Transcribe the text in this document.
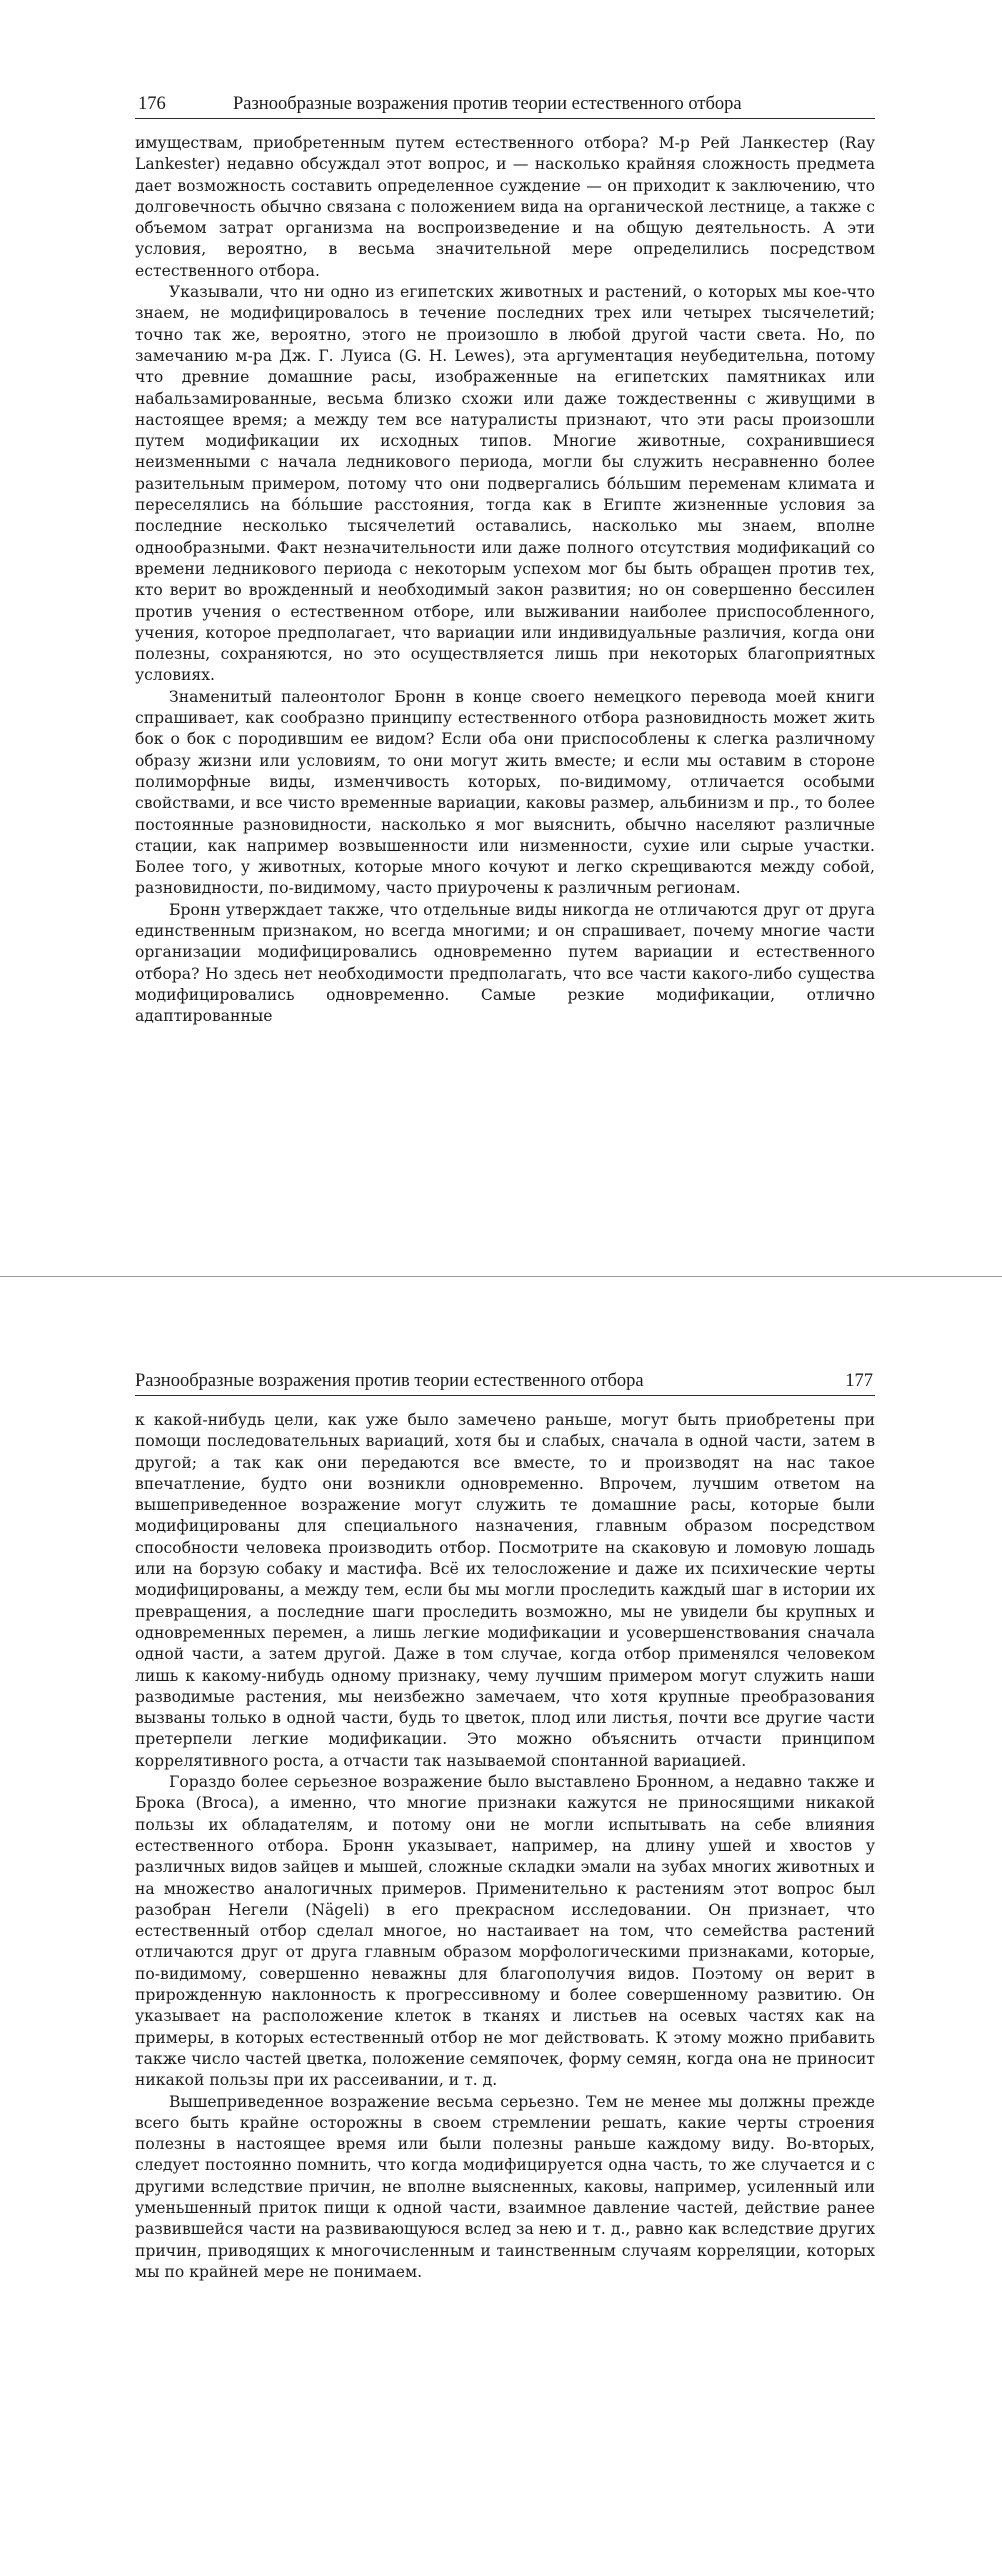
176	Разнообразные возражения против теории естественного отбора

имуществам, приобретенным путем естественного отбора? М-р Рей Ланкестер (Ray Lankester) недавно обсуждал этот вопрос, и — насколько крайняя сложность предмета дает возможность составить определенное суждение — он приходит к заключению, что долговечность обычно связана с положением вида на органической лестнице, а также с объемом затрат организма на воспроизведение и на общую деятельность. А эти условия, вероятно, в весьма значительной мере определились посредством естественного отбора.

Указывали, что ни одно из египетских животных и растений, о которых мы кое-что знаем, не модифицировалось в течение последних трех или четырех тысячелетий; точно так же, вероятно, этого не произошло в любой другой части света. Но, по замечанию м-ра Дж. Г. Луиса (G. H. Lewes), эта аргументация неубедительна, потому что древние домашние расы, изображенные на египетских памятниках или набальзамированные, весьма близко схожи или даже тождественны с живущими в настоящее время; а между тем все натуралисты признают, что эти расы произошли путем модификации их исходных типов. Многие животные, сохранившиеся неизменными с начала ледникового периода, могли бы служить несравненно более разительным примером, потому что они подвергались бо́льшим переменам климата и переселялись на бо́льшие расстояния, тогда как в Египте жизненные условия за последние несколько тысячелетий оставались, насколько мы знаем, вполне однообразными. Факт незначительности или даже полного отсутствия модификаций со времени ледникового периода с некоторым успехом мог бы быть обращен против тех, кто верит во врожденный и необходимый закон развития; но он совершенно бессилен против учения о естественном отборе, или выживании наиболее приспособленного, учения, которое предполагает, что вариации или индивидуальные различия, когда они полезны, сохраняются, но это осуществляется лишь при некоторых благоприятных условиях.

Знаменитый палеонтолог Бронн в конце своего немецкого перевода моей книги спрашивает, как сообразно принципу естественного отбора разновидность может жить бок о бок с породившим ее видом? Если оба они приспособлены к слегка различному образу жизни или условиям, то они могут жить вместе; и если мы оставим в стороне полиморфные виды, изменчивость которых, по-видимому, отличается особыми свойствами, и все чисто временные вариации, каковы размер, альбинизм и пр., то более постоянные разновидности, насколько я мог выяснить, обычно населяют различные стации, как например возвышенности или низменности, сухие или сырые участки. Более того, у животных, которые много кочуют и легко скрещиваются между собой, разновидности, по-видимому, часто приурочены к различным регионам.

Бронн утверждает также, что отдельные виды никогда не отличаются друг от друга единственным признаком, но всегда многими; и он спрашивает, почему многие части организации модифицировались одновременно путем вариации и естественного отбора? Но здесь нет необходимости предполагать, что все части какого-либо существа модифицировались одновременно. Самые резкие модификации, отлично адаптированные

Разнообразные возражения против теории естественного отбора	177

к какой-нибудь цели, как уже было замечено раньше, могут быть приобретены при помощи последовательных вариаций, хотя бы и слабых, сначала в одной части, затем в другой; а так как они передаются все вместе, то и производят на нас такое впечатление, будто они возникли одновременно. Впрочем, лучшим ответом на вышеприведенное возражение могут служить те домашние расы, которые были модифицированы для специального назначения, главным образом посредством способности человека производить отбор. Посмотрите на скаковую и ломовую лошадь или на борзую собаку и мастифа. Всё их телосложение и даже их психические черты модифицированы, а между тем, если бы мы могли проследить каждый шаг в истории их превращения, а последние шаги проследить возможно, мы не увидели бы крупных и одновременных перемен, а лишь легкие модификации и усовершенствования сначала одной части, а затем другой. Даже в том случае, когда отбор применялся человеком лишь к какому-нибудь одному признаку, чему лучшим примером могут служить наши разводимые растения, мы неизбежно замечаем, что хотя крупные преобразования вызваны только в одной части, будь то цветок, плод или листья, почти все другие части претерпели легкие модификации. Это можно объяснить отчасти принципом коррелятивного роста, а отчасти так называемой спонтанной вариацией.

Гораздо более серьезное возражение было выставлено Бронном, а недавно также и Брока (Broca), а именно, что многие признаки кажутся не приносящими никакой пользы их обладателям, и потому они не могли испытывать на себе влияния естественного отбора. Бронн указывает, например, на длину ушей и хвостов у различных видов зайцев и мышей, сложные складки эмали на зубах многих животных и на множество аналогичных примеров. Применительно к растениям этот вопрос был разобран Негели (Nägeli) в его прекрасном исследовании. Он признает, что естественный отбор сделал многое, но настаивает на том, что семейства растений отличаются друг от друга главным образом морфологическими признаками, которые, по-видимому, совершенно неважны для благополучия видов. Поэтому он верит в прирожденную наклонность к прогрессивному и более совершенному развитию. Он указывает на расположение клеток в тканях и листьев на осевых частях как на примеры, в которых естественный отбор не мог действовать. К этому можно прибавить также число частей цветка, положение семяпочек, форму семян, когда она не приносит никакой пользы при их рассеивании, и т. д.

Вышеприведенное возражение весьма серьезно. Тем не менее мы должны прежде всего быть крайне осторожны в своем стремлении решать, какие черты строения полезны в настоящее время или были полезны раньше каждому виду. Во-вторых, следует постоянно помнить, что когда модифицируется одна часть, то же случается и с другими вследствие причин, не вполне выясненных, каковы, например, усиленный или уменьшенный приток пищи к одной части, взаимное давление частей, действие ранее развившейся части на развивающуюся вслед за нею и т. д., равно как вследствие других причин, приводящих к многочисленным и таинственным случаям корреляции, которых мы по крайней мере не понимаем.
